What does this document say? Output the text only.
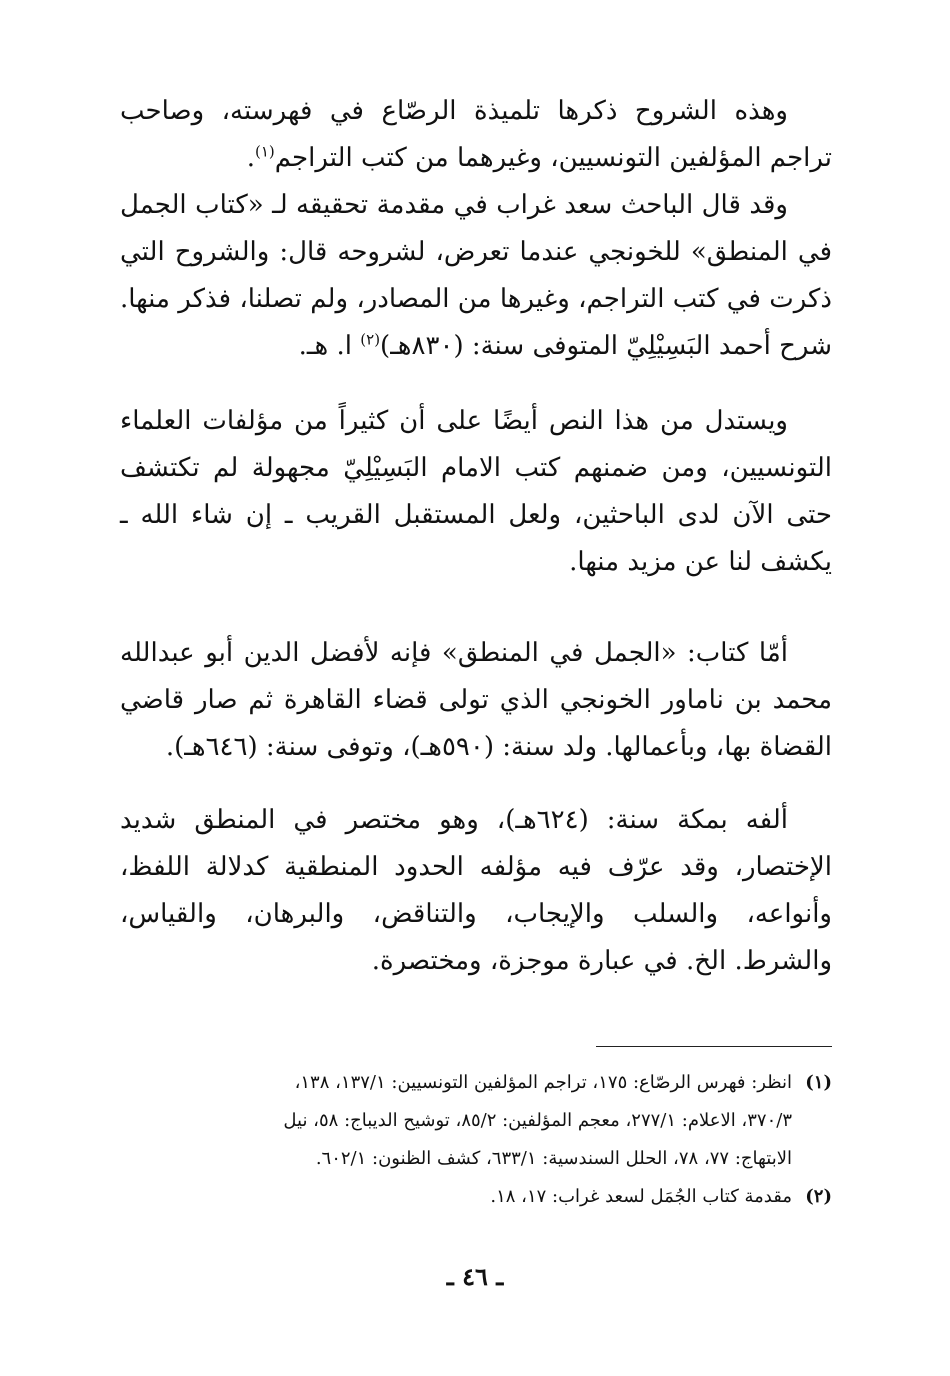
وهذه الشروح ذكرها تلميذة الرصّاع في فهرسته، وصاحب تراجم المؤلفين التونسيين، وغيرهما من كتب التراجم$^{(١)}$.

وقد قال الباحث سعد غراب في مقدمة تحقيقه لـ «كتاب الجمل في المنطق» للخونجي عندما تعرض، لشروحه قال: والشروح التي ذكرت في كتب التراجم، وغيرها من المصادر، ولم تصلنا، فذكر منها. شرح أحمد البَسِيْلِيّ المتوفى سنة: (٨٣٠هـ)$^{(٢)}$ ا. هـ.

ويستدل من هذا النص أيضًا على أن كثيراً من مؤلفات العلماء التونسيين، ومن ضمنهم كتب الامام البَسِيْلِيّ مجهولة لم تكتشف حتى الآن لدى الباحثين، ولعل المستقبل القريب ـ إن شاء الله ـ يكشف لنا عن مزيد منها.

أمّا كتاب: «الجمل في المنطق» فإنه لأفضل الدين أبو عبدالله محمد بن ناماور الخونجي الذي تولى قضاء القاهرة ثم صار قاضي القضاة بها، وبأعمالها. ولد سنة: (٥٩٠هـ)، وتوفى سنة: (٦٤٦هـ).

ألفه بمكة سنة: (٦٢٤هـ)، وهو مختصر في المنطق شديد الإختصار، وقد عرّف فيه مؤلفه الحدود المنطقية كدلالة اللفظ، وأنواعه، والسلب والإيجاب، والتناقض، والبرهان، والقياس، والشرط. الخ. في عبارة موجزة، ومختصرة.

(١)انظر: فهرس الرصّاع: ١٧٥، تراجم المؤلفين التونسيين: ١٣٧/١، ١٣٨،

٣٧٠/٣، الاعلام: ٢٧٧/١، معجم المؤلفين: ٨٥/٢، توشيح الديباج: ٥٨، نيل

الابتهاج: ٧٧، ٧٨، الحلل السندسية: ٦٣٣/١، كشف الظنون: ٦٠٢/١.

(٢)مقدمة كتاب الجُمَل لسعد غراب: ١٧، ١٨.

ـ ٤٦ ـ
